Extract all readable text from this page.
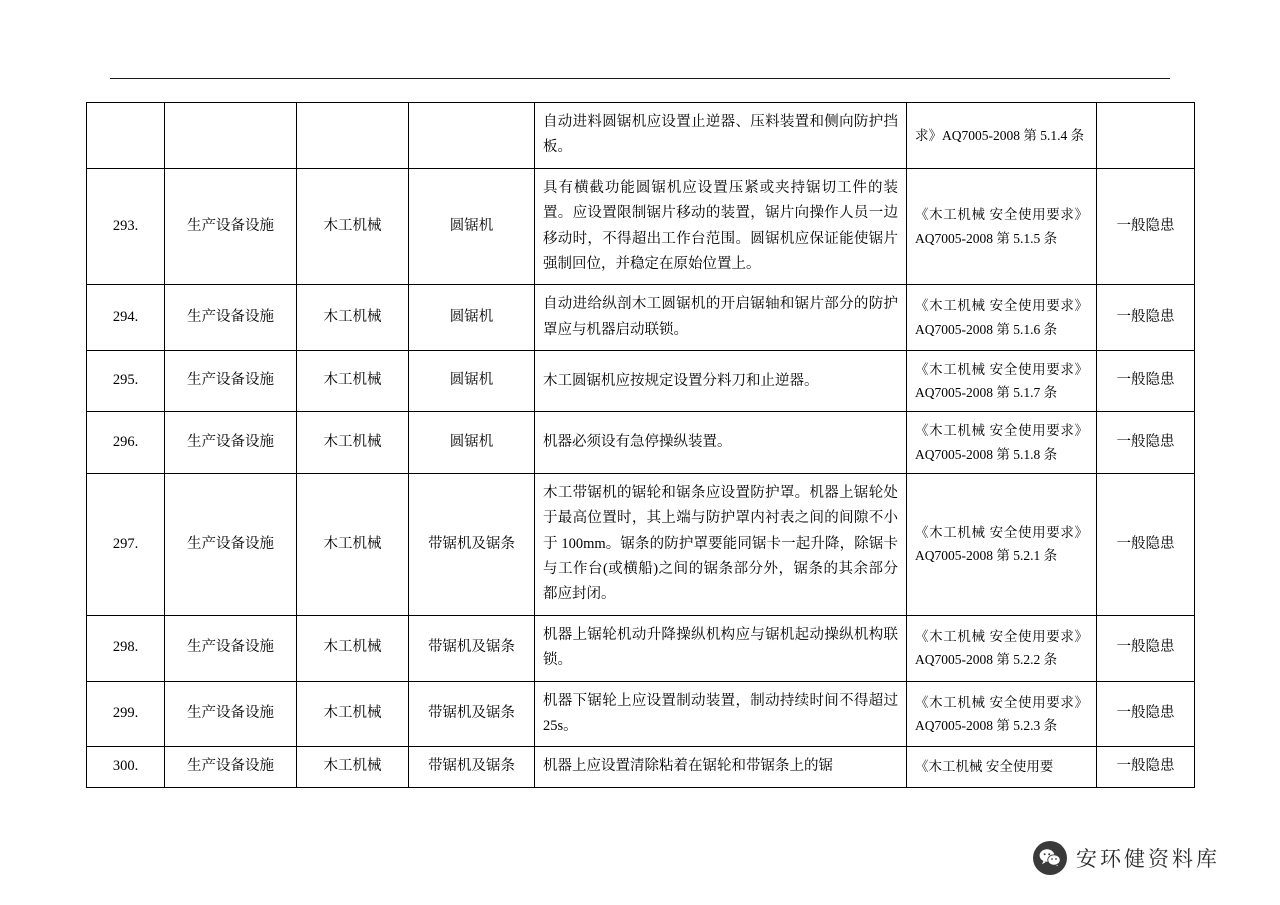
				自动进料圆锯机应设置止逆器、压料装置和侧向防护挡板。	求》AQ7005-2008 第 5.1.4 条	
293.	生产设备设施	木工机械	圆锯机	具有横截功能圆锯机应设置压紧或夹持锯切工件的装置。应设置限制锯片移动的装置，锯片向操作人员一边移动时，不得超出工作台范围。圆锯机应保证能使锯片强制回位，并稳定在原始位置上。	《木工机械 安全使用要求》AQ7005-2008 第 5.1.5 条	一般隐患
294.	生产设备设施	木工机械	圆锯机	自动进给纵剖木工圆锯机的开启锯轴和锯片部分的防护罩应与机器启动联锁。	《木工机械 安全使用要求》AQ7005-2008 第 5.1.6 条	一般隐患
295.	生产设备设施	木工机械	圆锯机	木工圆锯机应按规定设置分料刀和止逆器。	《木工机械 安全使用要求》AQ7005-2008 第 5.1.7 条	一般隐患
296.	生产设备设施	木工机械	圆锯机	机器必须设有急停操纵装置。	《木工机械 安全使用要求》AQ7005-2008 第 5.1.8 条	一般隐患
297.	生产设备设施	木工机械	带锯机及锯条	木工带锯机的锯轮和锯条应设置防护罩。机器上锯轮处于最高位置时，其上端与防护罩内衬表之间的间隙不小于 100mm。锯条的防护罩要能同锯卡一起升降，除锯卡与工作台(或横船)之间的锯条部分外，锯条的其余部分都应封闭。	《木工机械 安全使用要求》AQ7005-2008 第 5.2.1 条	一般隐患
298.	生产设备设施	木工机械	带锯机及锯条	机器上锯轮机动升降操纵机构应与锯机起动操纵机构联锁。	《木工机械 安全使用要求》AQ7005-2008 第 5.2.2 条	一般隐患
299.	生产设备设施	木工机械	带锯机及锯条	机器下锯轮上应设置制动装置，制动持续时间不得超过 25s。	《木工机械 安全使用要求》AQ7005-2008 第 5.2.3 条	一般隐患
300.	生产设备设施	木工机械	带锯机及锯条	机器上应设置清除粘着在锯轮和带锯条上的锯	《木工机械 安全使用要	一般隐患
安环健资料库
